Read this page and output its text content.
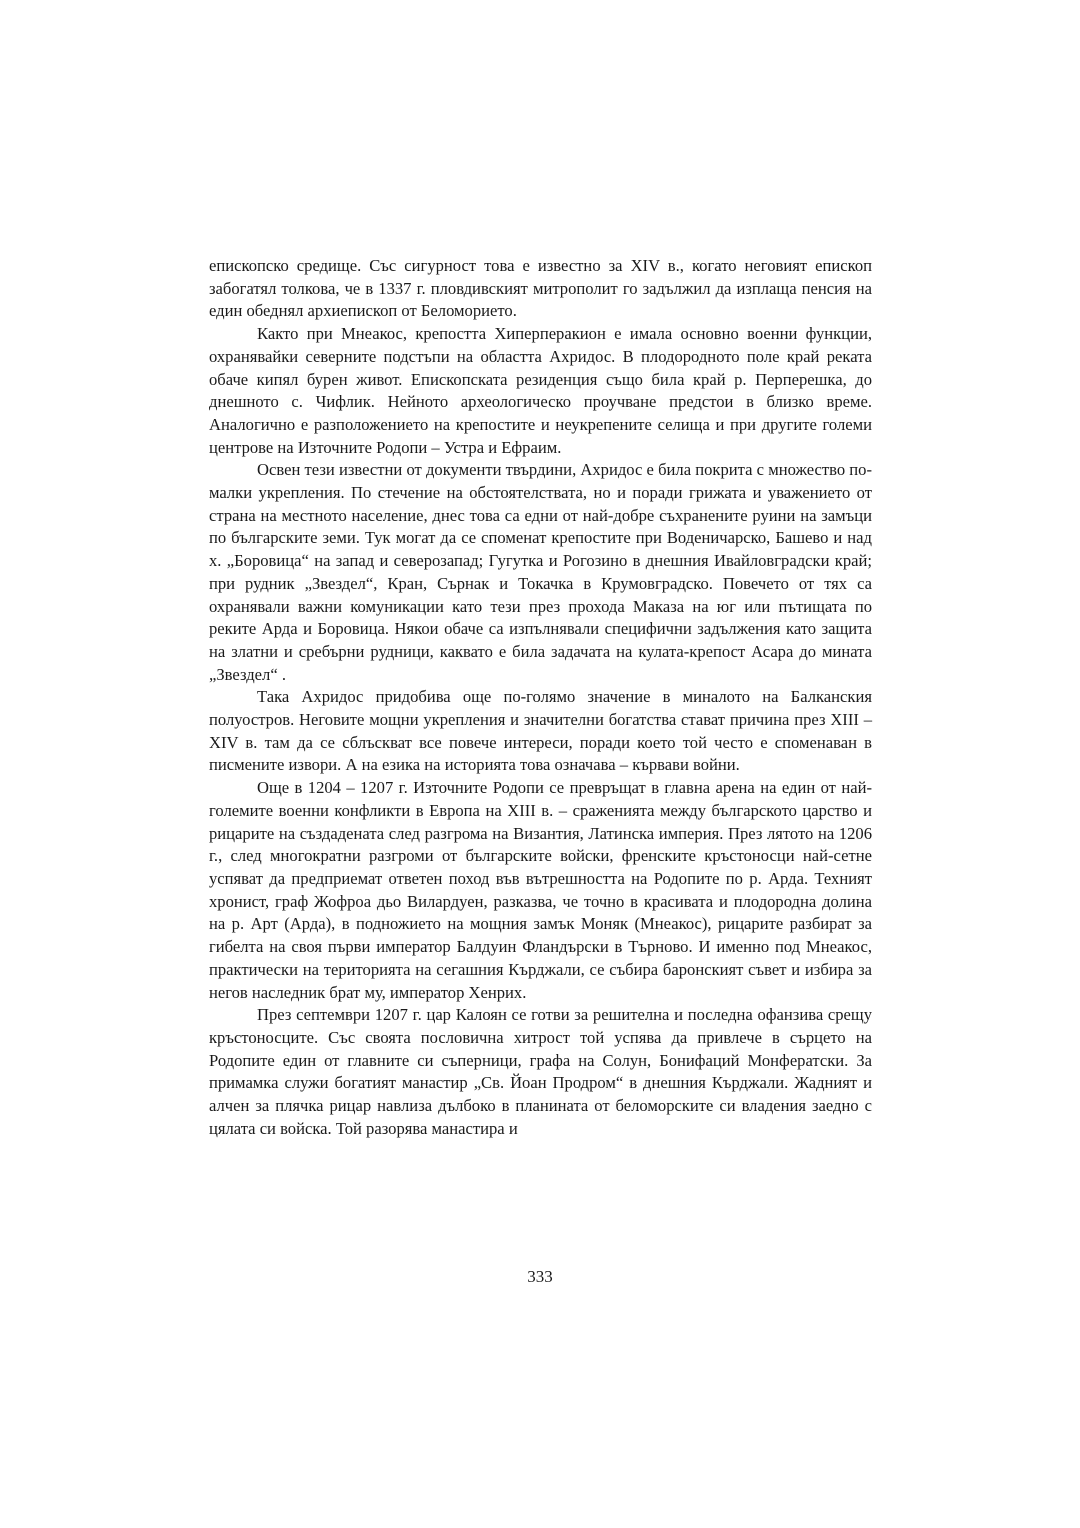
епископско средище. Със сигурност това е известно за XIV в., когато неговият епископ забогатял толкова, че в 1337 г. пловдивският митрополит го задължил да изплаща пенсия на един обеднял архиепископ от Беломорието.

Както при Мнеакос, крепостта Хиперперакион е имала основно военни функции, охранявайки северните подстъпи на областта Ахридос. В плодородното поле край реката обаче кипял бурен живот. Епископската резиденция също била край р. Перперешка, до днешното с. Чифлик. Нейното археологическо проучване предстои в близко време. Аналогично е разположението на крепостите и неукрепените селища и при другите големи центрове на Източните Родопи – Устра и Ефраим.

Освен тези известни от документи твърдини, Ахридос е била покрита с множество по-малки укрепления. По стечение на обстоятелствата, но и поради грижата и уважението от страна на местното население, днес това са едни от най-добре съхранените руини на замъци по българските земи. Тук могат да се споменат крепостите при Воденичарско, Башево и над х. „Боровица“ на запад и северозапад; Гугутка и Рогозино в днешния Ивайловградски край; при рудник „Звездел“, Кран, Сърнак и Токачка в Крумовградско. Повечето от тях са охранявали важни комуникации като тези през прохода Маказа на юг или пътищата по реките Арда и Боровица. Някои обаче са изпълнявали специфични задължения като защита на златни и сребърни рудници, каквато е била задачата на кулата-крепост Асара до мината „Звездел“ .

Така Ахридос придобива още по-голямо значение в миналото на Балканския полуостров. Неговите мощни укрепления и значителни богатства стават причина през XIII – XIV в. там да се сблъскват все повече интереси, поради което той често е споменаван в писмените извори. А на езика на историята това означава – кървави войни.

Още в 1204 – 1207 г. Източните Родопи се превръщат в главна арена на един от най-големите военни конфликти в Европа на XIII в. – сраженията между българското царство и рицарите на създадената след разгрома на Византия, Латинска империя. През лятото на 1206 г., след многократни разгроми от българските войски, френските кръстоносци най-сетне успяват да предприемат ответен поход във вътрешността на Родопите по р. Арда. Техният хронист, граф Жофроа дьо Вилардуен, разказва, че точно в красивата и плодородна долина на р. Арт (Арда), в подножието на мощния замък Моняк (Мнеакос), рицарите разбират за гибелта на своя първи император Балдуин Фландърски в Търново. И именно под Мнеакос, практически на територията на сегашния Кърджали, се събира баронският съвет и избира за негов наследник брат му, император Хенрих.

През септември 1207 г. цар Калоян се готви за решителна и последна офанзива срещу кръстоносците. Със своята пословична хитрост той успява да привлече в сърцето на Родопите един от главните си съперници, графа на Солун, Бонифаций Монфератски. За примамка служи богатият манастир „Св. Йоан Продром“ в днешния Кърджали. Жадният и алчен за плячка рицар навлиза дълбоко в планината от беломорските си владения заедно с цялата си войска. Той разорява манастира и

333
